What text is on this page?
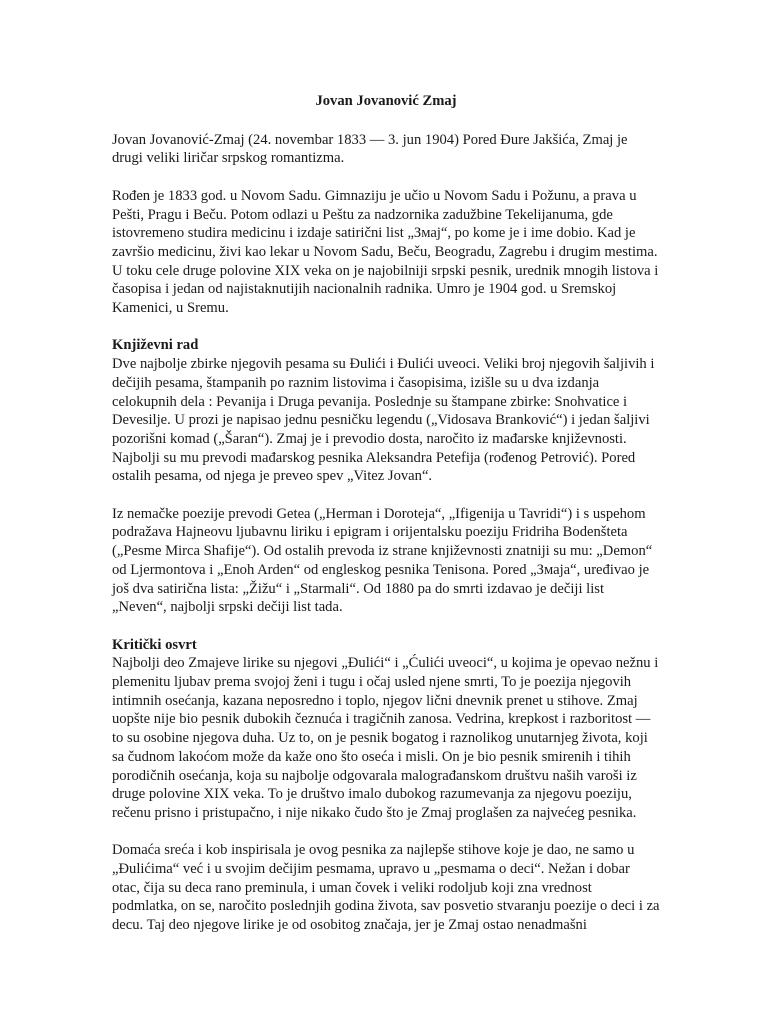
Jovan Jovanović Zmaj

Jovan Jovanović-Zmaj (24. novembar 1833 — 3. jun 1904) Pored Đure Jakšića, Zmaj je drugi veliki liričar srpskog romantizma.

Rođen je 1833 god. u Novom Sadu. Gimnaziju je učio u Novom Sadu i Požunu, a prava u Pešti, Pragu i Beču. Potom odlazi u Peštu za nadzornika zadužbine Tekelijanuma, gde istovremeno studira medicinu i izdaje satirični list „Змај“, po kome je i ime dobio. Kad je završio medicinu, živi kao lekar u Novom Sadu, Beču, Beogradu, Zagrebu i drugim mestima. U toku cele druge polovine XIX veka on je najobilniji srpski pesnik, urednik mnogih listova i časopisa i jedan od najistaknutijih nacionalnih radnika. Umro je 1904 god. u Sremskoj Kamenici, u Sremu.

Književni rad

Dve najbolje zbirke njegovih pesama su Đulići i Đulići uveoci. Veliki broj njegovih šaljivih i dečijih pesama, štampanih po raznim listovima i časopisima, izišle su u dva izdanja celokupnih dela : Pevanija i Druga pevanija. Poslednje su štampane zbirke: Snohvatice i Devesilje. U prozi je napisao jednu pesničku legendu („Vidosava Branković“) i jedan šaljivi pozorišni komad („Šaran“). Zmaj je i prevodio dosta, naročito iz mađarske književnosti. Najbolji su mu prevodi mađarskog pesnika Aleksandra Petefija (rođenog Petrović). Pored ostalih pesama, od njega je preveo spev „Vitez Jovan“.

Iz nemačke poezije prevodi Getea („Herman i Doroteja“, „Ifigenija u Tavridi“) i s uspehom podražava Hajneovu ljubavnu liriku i epigram i orijentalsku poeziju Fridriha Bodenšteta („Pesme Mirca Shafije“). Od ostalih prevoda iz strane književnosti znatniji su mu: „Demon“ od Ljermontova i „Enoh Arden“ od engleskog pesnika Tenisona. Pored „Змаја“, uređivao je još dva satirična lista: „Žižu“ i „Starmali“. Od 1880 pa do smrti izdavao je dečiji list „Neven“, najbolji srpski dečiji list tada.

Kritički osvrt

Najbolji deo Zmajeve lirike su njegovi „Đulići“ i „Ćulići uveoci“, u kojima je opevao nežnu i plemenitu ljubav prema svojoj ženi i tugu i očaj usled njene smrti, To je poezija njegovih intimnih osećanja, kazana neposredno i toplo, njegov lični dnevnik prenet u stihove. Zmaj uopšte nije bio pesnik dubokih čeznuća i tragičnih zanosa. Vedrina, krepkost i razboritost — to su osobine njegova duha. Uz to, on je pesnik bogatog i raznolikog unutarnjeg života, koji sa čudnom lakoćom može da kaže ono što oseća i misli. On je bio pesnik smirenih i tihih porodičnih osećanja, koja su najbolje odgovarala malograđanskom društvu naših varoši iz druge polovine XIX veka. To je društvo imalo dubokog razumevanja za njegovu poeziju, rečenu prisno i pristupačno, i nije nikako čudo što je Zmaj proglašen za najvećeg pesnika.

Domaća sreća i kob inspirisala je ovog pesnika za najlepše stihove koje je dao, ne samo u „Đulićima“ već i u svojim dečijim pesmama, upravo u „pesmama o deci“. Nežan i dobar otac, čija su deca rano preminula, i uman čovek i veliki rodoljub koji zna vrednost podmlatka, on se, naročito poslednjih godina života, sav posvetio stvaranju poezije o deci i za decu. Taj deo njegove lirike je od osobitog značaja, jer je Zmaj ostao nenadmašni
